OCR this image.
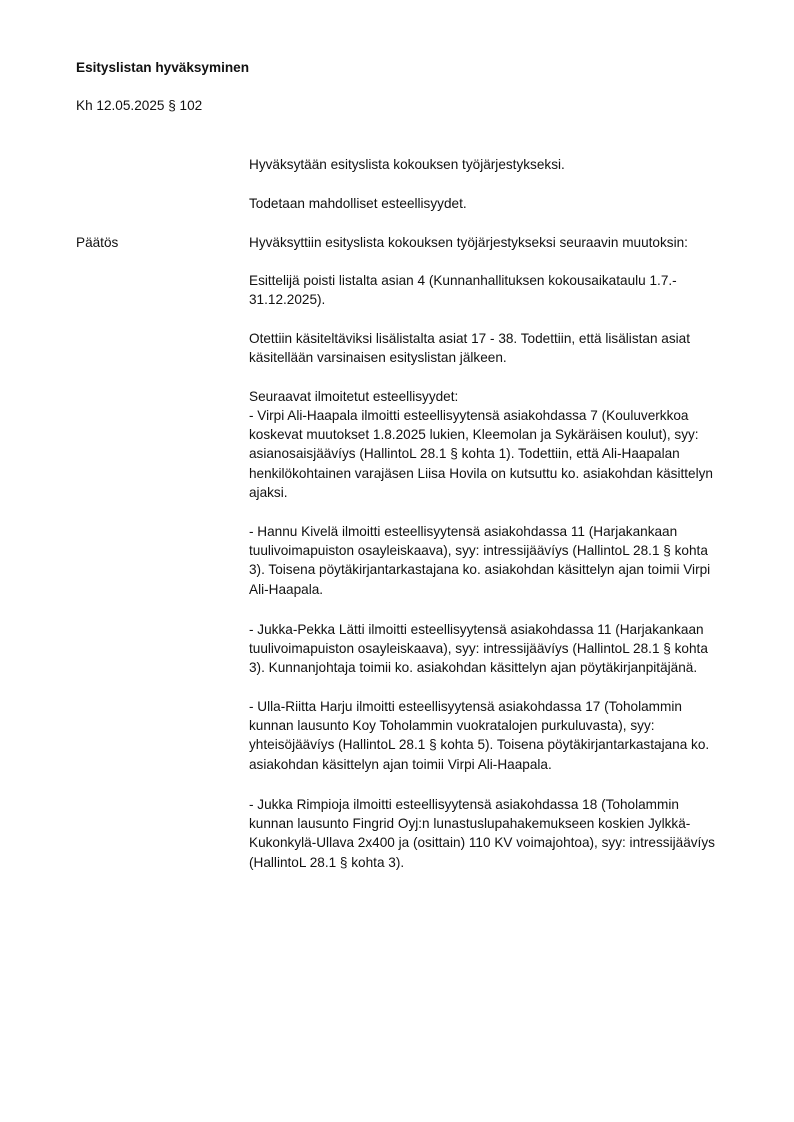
Esityslistan hyväksyminen

Kh 12.05.2025 § 102

Hyväksytään esityslista kokouksen työjärjestykseksi.

Todetaan mahdolliset esteellisyydet.

Päätös	Hyväksyttiin esityslista kokouksen työjärjestykseksi seuraavin muutoksin:

Esittelijä poisti listalta asian 4 (Kunnanhallituksen kokousaikataulu 1.7.-
31.12.2025).

Otettiin käsiteltäviksi lisälistalta asiat 17 - 38. Todettiin, että lisälistan asiat
käsitellään varsinaisen esityslistan jälkeen.

Seuraavat ilmoitetut esteellisyydet:

- Virpi Ali-Haapala ilmoitti esteellisyytensä asiakohdassa 7 (Kouluverkkoa
koskevat muutokset 1.8.2025 lukien, Kleemolan ja Sykäräisen koulut), syy:
asianosaisjäävíys (HallintoL 28.1 § kohta 1). Todettiin, että Ali-Haapalan
henkilökohtainen varajäsen Liisa Hovila on kutsuttu ko. asiakohdan käsittelyn
ajaksi.

- Hannu Kivelä ilmoitti esteellisyytensä asiakohdassa 11 (Harjakankaan
tuulivoimapuiston osayleiskaava), syy: intressijäävíys (HallintoL 28.1 § kohta
3). Toisena pöytäkirjantarkastajana ko. asiakohdan käsittelyn ajan toimii Virpi
Ali-Haapala.

- Jukka-Pekka Lätti ilmoitti esteellisyytensä asiakohdassa 11 (Harjakankaan
tuulivoimapuiston osayleiskaava), syy: intressijäävíys (HallintoL 28.1 § kohta
3). Kunnanjohtaja toimii ko. asiakohdan käsittelyn ajan pöytäkirjanpitäjänä.

- Ulla-Riitta Harju ilmoitti esteellisyytensä asiakohdassa 17 (Toholammin
kunnan lausunto Koy Toholammin vuokratalojen purkuluvasta), syy:
yhteisöjäävíys (HallintoL 28.1 § kohta 5). Toisena pöytäkirjantarkastajana ko.
asiakohdan käsittelyn ajan toimii Virpi Ali-Haapala.

- Jukka Rimpioja ilmoitti esteellisyytensä asiakohdassa 18 (Toholammin
kunnan lausunto Fingrid Oyj:n lunastuslupahakemukseen koskien Jylkkä-
Kukonkylä-Ullava 2x400 ja (osittain) 110 KV voimajohtoa), syy: intressijäävíys
(HallintoL 28.1 § kohta 3).
